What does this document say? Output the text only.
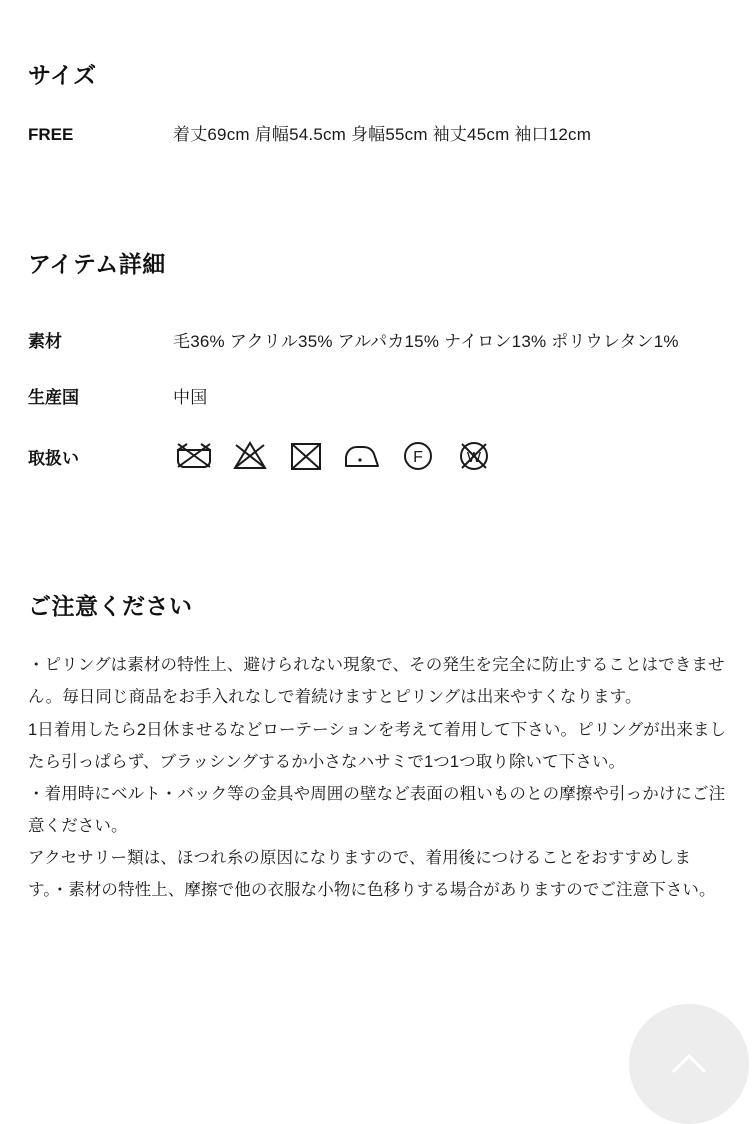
サイズ
FREE	着丈69cm 肩幅54.5cm 身幅55cm 袖丈45cm 袖口12cm
アイテム詳細
素材	毛36% アクリル35% アルパカ15% ナイロン13% ポリウレタン1%
生産国	中国
取扱い	F	W
ご注意ください

・ピリングは素材の特性上、避けられない現象で、その発生を完全に防止することはできません。毎日同じ商品をお手入れなしで着続けますとピリングは出来やすくなります。

1日着用したら2日休ませるなどローテーションを考えて着用して下さい。ピリングが出来ましたら引っぱらず、ブラッシングするか小さなハサミで1つ1つ取り除いて下さい。

・着用時にベルト・バック等の金具や周囲の壁など表面の粗いものとの摩擦や引っかけにご注意ください。

アクセサリー類は、ほつれ糸の原因になりますので、着用後につけることをおすすめします。・素材の特性上、摩擦で他の衣服な小物に色移りする場合がありますのでご注意下さい。
